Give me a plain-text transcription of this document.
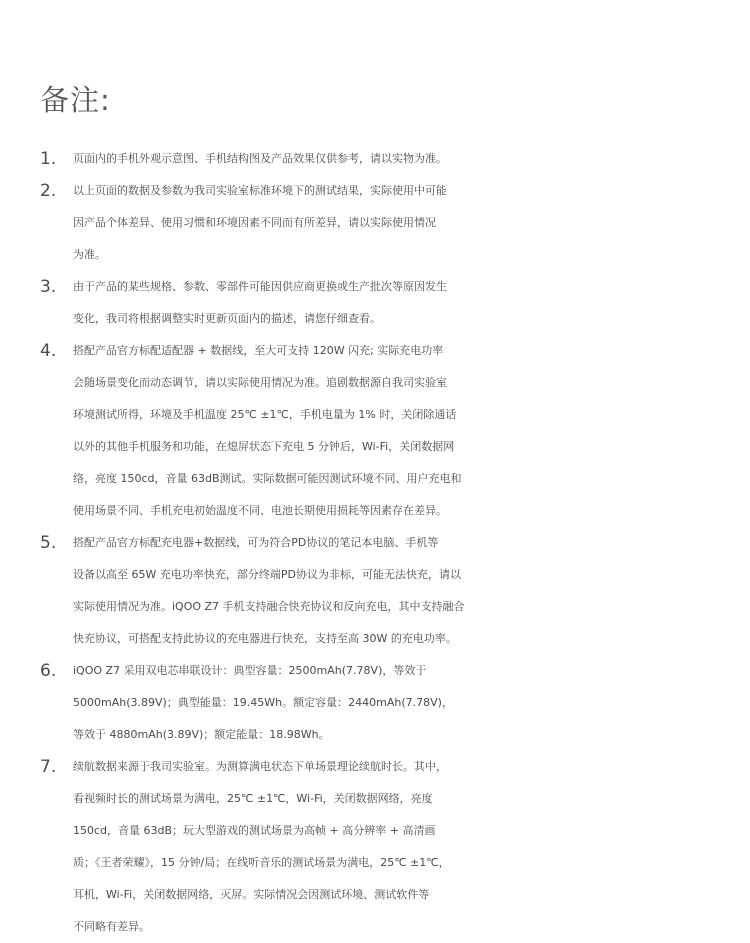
备注:
1. 页面内的手机外观示意图、手机结构图及产品效果仅供参考，请以实物为准。
2. 以上页面的数据及参数为我司实验室标准环境下的测试结果，实际使用中可能
因产品个体差异、使用习惯和环境因素不同而有所差异，请以实际使用情况
为准。
3. 由于产品的某些规格、参数、零部件可能因供应商更换或生产批次等原因发生
变化，我司将根据调整实时更新页面内的描述，请您仔细查看。
4. 搭配产品官方标配适配器 + 数据线，至大可支持 120W 闪充; 实际充电功率
会随场景变化而动态调节，请以实际使用情况为准。追剧数据源自我司实验室
环境测试所得，环境及手机温度 25℃ ±1℃，手机电量为 1% 时，关闭除通话
以外的其他手机服务和功能，在熄屏状态下充电 5 分钟后，Wi-Fi，关闭数据网
络，亮度 150cd，音量 63dB测试。实际数据可能因测试环境不同、用户充电和
使用场景不同、手机充电初始温度不同、电池长期使用损耗等因素存在差异。
5. 搭配产品官方标配充电器+数据线，可为符合PD协议的笔记本电脑、手机等
设备以高至 65W 充电功率快充，部分终端PD协议为非标，可能无法快充，请以
实际使用情况为准。iQOO Z7 手机支持融合快充协议和反向充电，其中支持融合
快充协议，可搭配支持此协议的充电器进行快充，支持至高 30W 的充电功率。
6. iQOO Z7 采用双电芯串联设计：典型容量：2500mAh(7.78V)，等效于
5000mAh(3.89V)；典型能量：19.45Wh。额定容量：2440mAh(7.78V)，
等效于 4880mAh(3.89V)；额定能量：18.98Wh。
7. 续航数据来源于我司实验室。为测算满电状态下单场景理论续航时长。其中，
看视频时长的测试场景为满电，25℃ ±1℃，Wi-Fi，关闭数据网络，亮度
150cd，音量 63dB；玩大型游戏的测试场景为高帧 + 高分辨率 + 高清画
质；《王者荣耀》，15 分钟/局；在线听音乐的测试场景为满电，25℃ ±1℃，
耳机，Wi-Fi，关闭数据网络，灭屏。实际情况会因测试环境、测试软件等
不同略有差异。
